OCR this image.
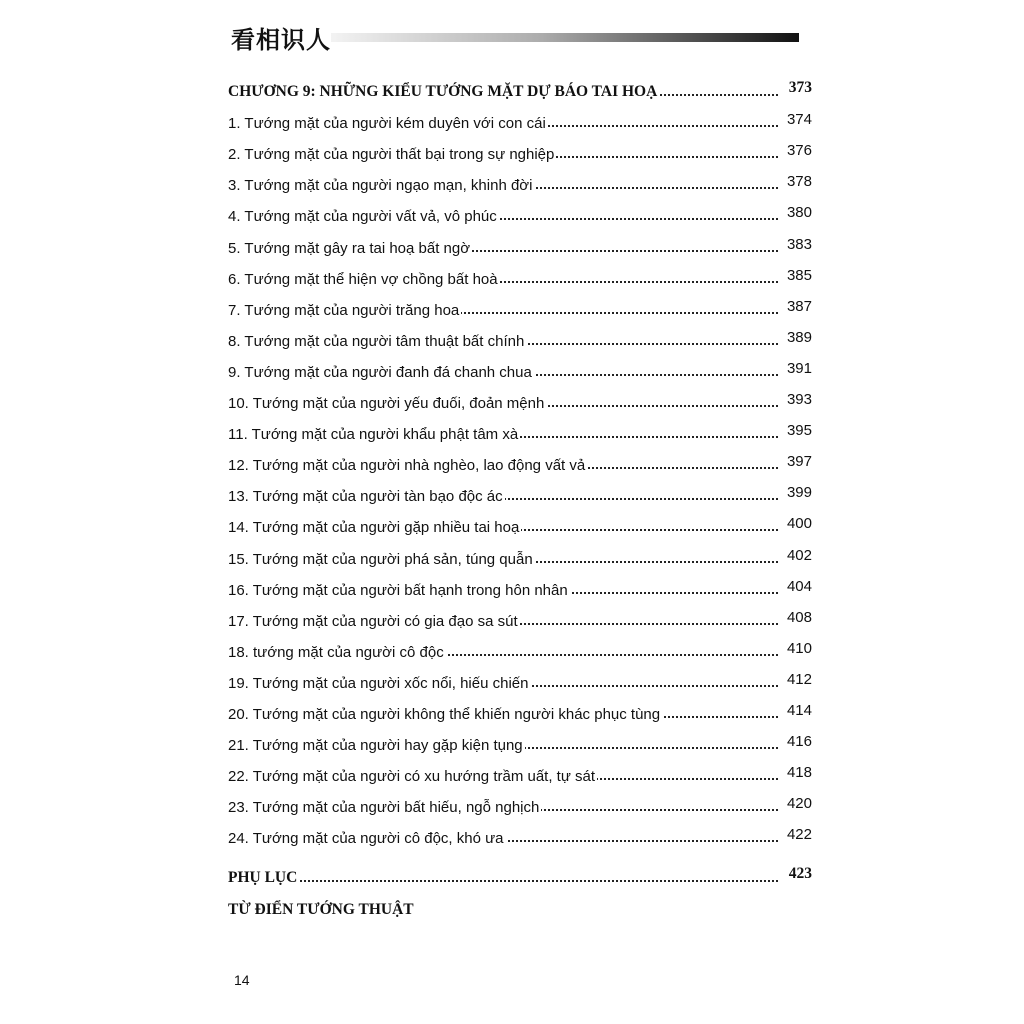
看相识人
CHƯƠNG 9: NHỮNG KIỂU TƯỚNG MẶT DỰ BÁO TAI HOẠ	373
1. Tướng mặt của người kém duyên với con cái	374
2. Tướng mặt của người thất bại trong sự nghiệp	376
3. Tướng mặt của người ngạo mạn, khinh đời	378
4. Tướng mặt của người vất vả, vô phúc	380
5. Tướng mặt gây ra tai hoạ bất ngờ	383
6. Tướng mặt thể hiện vợ chồng bất hoà	385
7. Tướng mặt của người trăng hoa	387
8. Tướng mặt của người tâm thuật bất chính	389
9. Tướng mặt của người đanh đá chanh chua	391
10. Tướng mặt của người yếu đuối, đoản mệnh	393
11. Tướng mặt của người khẩu phật tâm xà	395
12. Tướng mặt của người nhà nghèo, lao động vất vả	397
13. Tướng mặt của người tàn bạo độc ác	399
14. Tướng mặt của người gặp nhiều tai hoạ	400
15. Tướng mặt của người phá sản, túng quẫn	402
16. Tướng mặt của người bất hạnh trong hôn nhân	404
17. Tướng mặt của người có gia đạo sa sút	408
18. tướng mặt của người cô độc	410
19. Tướng mặt của người xốc nổi, hiếu chiến	412
20. Tướng mặt của người không thể khiến người khác phục tùng	414
21. Tướng mặt của người hay gặp kiện tụng	416
22. Tướng mặt của người có xu hướng trầm uất, tự sát	418
23. Tướng mặt của người bất hiếu, ngỗ nghịch	420
24. Tướng mặt của người cô độc, khó ưa	422
PHỤ LỤC	423
TỪ ĐIỂN TƯỚNG THUẬT
14
